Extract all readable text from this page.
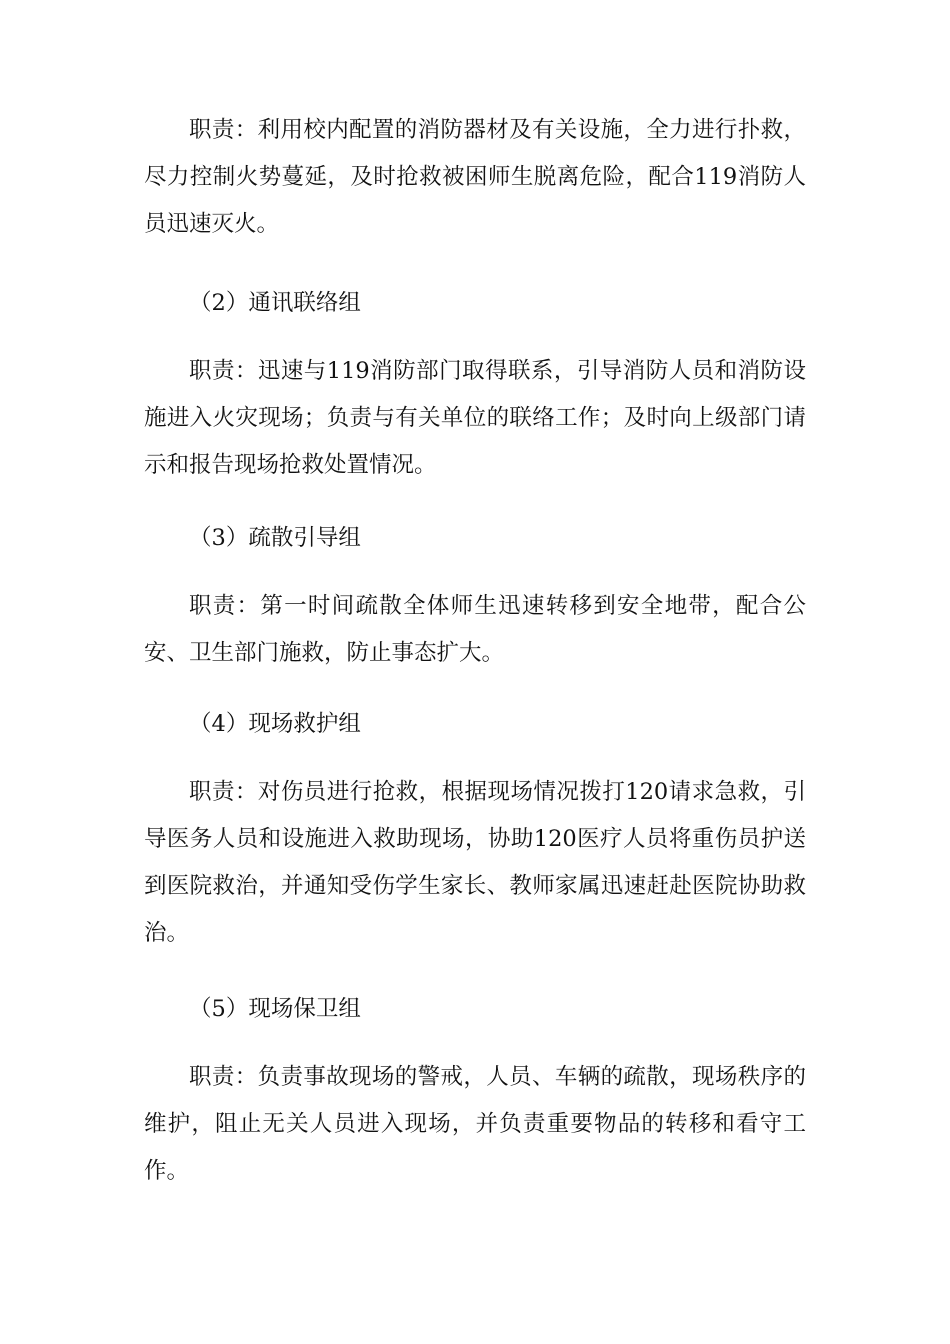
职责：利用校内配置的消防器材及有关设施，全力进行扑救，尽力控制火势蔓延，及时抢救被困师生脱离危险，配合119消防人员迅速灭火。

（2）通讯联络组

职责：迅速与119消防部门取得联系，引导消防人员和消防设施进入火灾现场；负责与有关单位的联络工作；及时向上级部门请示和报告现场抢救处置情况。

（3）疏散引导组

职责：第一时间疏散全体师生迅速转移到安全地带，配合公安、卫生部门施救，防止事态扩大。

（4）现场救护组

职责：对伤员进行抢救，根据现场情况拨打120请求急救，引导医务人员和设施进入救助现场，协助120医疗人员将重伤员护送到医院救治，并通知受伤学生家长、教师家属迅速赶赴医院协助救治。

（5）现场保卫组

职责：负责事故现场的警戒，人员、车辆的疏散，现场秩序的维护，阻止无关人员进入现场，并负责重要物品的转移和看守工作。
